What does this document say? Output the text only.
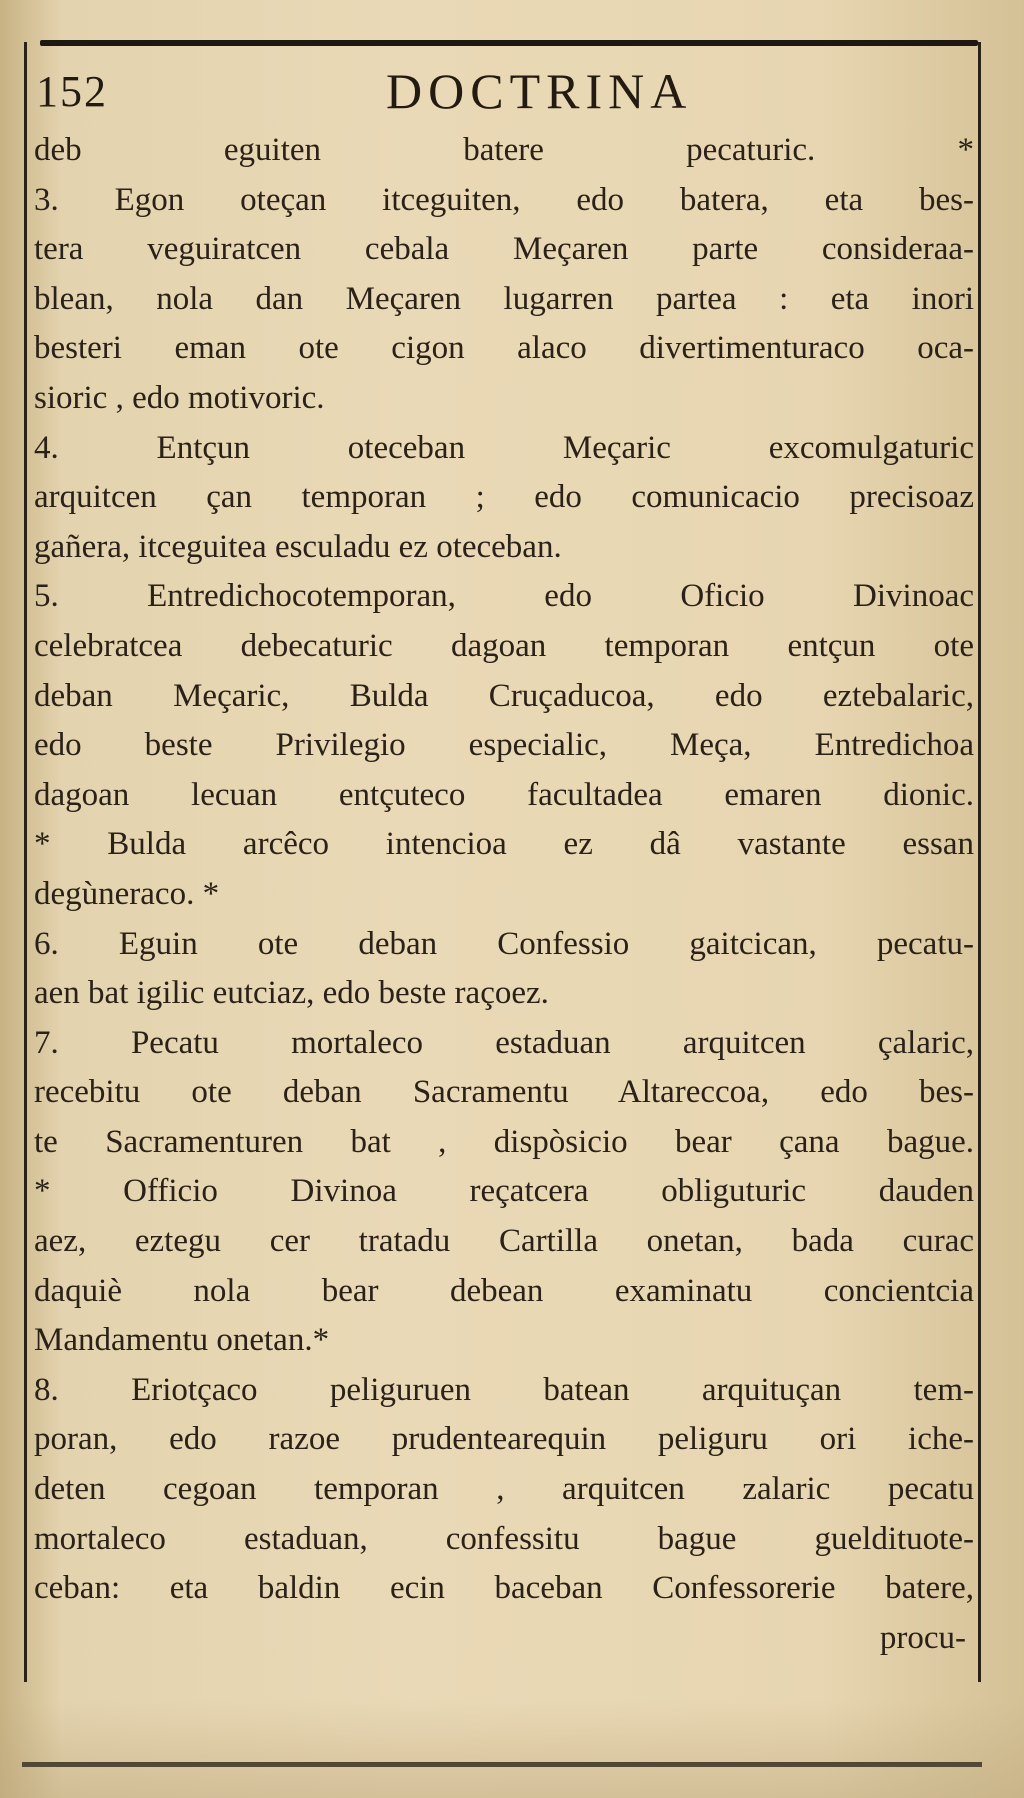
152	DOCTRINA
deb eguiten batere pecaturic. *
3. Egon oteçan itceguiten, edo batera, eta bes-
tera veguiratcen cebala Meçaren parte consideraa-
blean, nola dan Meçaren lugarren partea : eta inori
besteri eman ote cigon alaco divertimenturaco oca-
sioric , edo motivoric.
4. Entçun oteceban Meçaric excomulgaturic
arquitcen çan temporan ; edo comunicacio precisoaz
gañera, itceguitea esculadu ez oteceban.
5. Entredichocotemporan, edo Oficio Divinoac
celebratcea debecaturic dagoan temporan entçun ote
deban Meçaric, Bulda Cruçaducoa, edo eztebalaric,
edo beste Privilegio especialic, Meça, Entredichoa
dagoan lecuan entçuteco facultadea emaren dionic.
* Bulda arcêco intencioa ez dâ vastante essan
degùneraco. *
6. Eguin ote deban Confessio gaitcican, pecatu-
aen bat igilic eutciaz, edo beste raçoez.
7. Pecatu mortaleco estaduan arquitcen çalaric,
recebitu ote deban Sacramentu Altareccoa, edo bes-
te Sacramenturen bat , dispòsicio bear çana bague.
* Officio Divinoa reçatcera obliguturic dauden
aez, eztegu cer tratadu Cartilla onetan, bada curac
daquiè nola bear debean examinatu concientcia
Mandamentu onetan.*
8. Eriotçaco peliguruen batean arquituçan tem-
poran, edo razoe prudentearequin peliguru ori iche-
deten cegoan temporan , arquitcen zalaric pecatu
mortaleco estaduan, confessitu bague gueldituote-
ceban: eta baldin ecin baceban Confessorerie batere,
procu-
